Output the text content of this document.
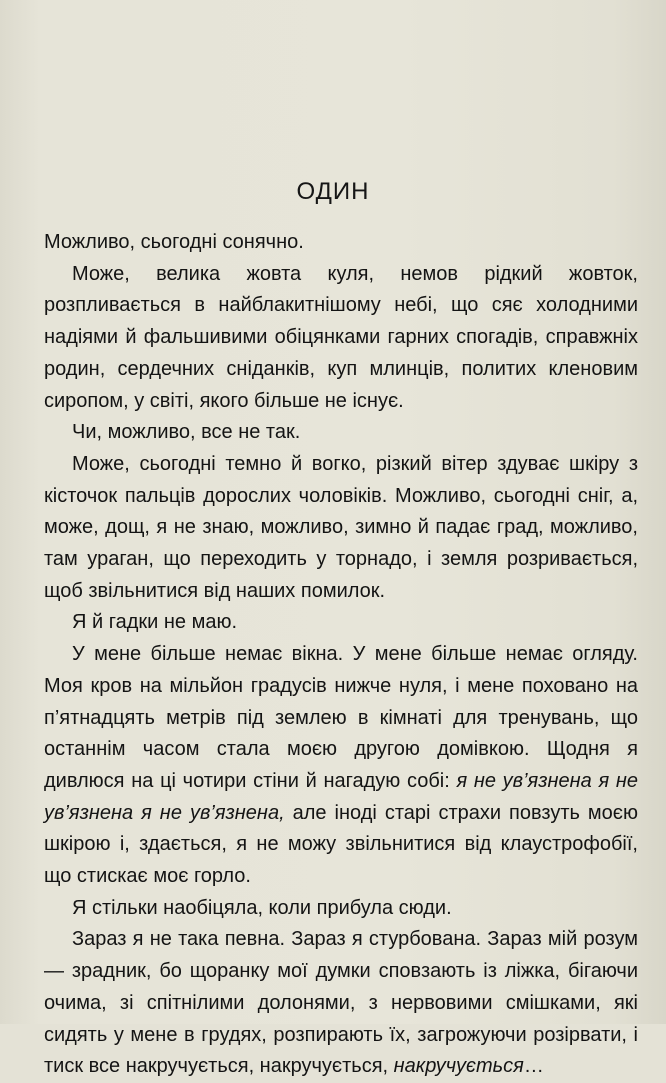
ОДИН

Можливо, сьогодні сонячно.

Може, велика жовта куля, немов рідкий жовток, розпливається в найблакитнішому небі, що сяє холодними надіями й фальшивими обіцянками гарних спогадів, справжніх родин, сердечних сніданків, куп млинців, политих кленовим сиропом, у світі, якого більше не існує.

Чи, можливо, все не так.

Може, сьогодні темно й вогко, різкий вітер здуває шкіру з кісточок пальців дорослих чоловіків. Можливо, сьогодні сніг, а, може, дощ, я не знаю, можливо, зимно й падає град, можливо, там ураган, що переходить у торнадо, і земля розривається, щоб звільнитися від наших помилок.

Я й гадки не маю.

У мене більше немає вікна. У мене більше немає огляду. Моя кров на мільйон градусів нижче нуля, і мене поховано на п’ятнадцять метрів під землею в кімнаті для тренувань, що останнім часом стала моєю другою домівкою. Щодня я дивлюся на ці чотири стіни й нагадую собі: я не ув’язнена я не ув’язнена я не ув’язнена, але іноді старі страхи повзуть моєю шкірою і, здається, я не можу звільнитися від клаустрофобії, що стискає моє горло.

Я стільки наобіцяла, коли прибула сюди.

Зараз я не така певна. Зараз я стурбована. Зараз мій розум — зрадник, бо щоранку мої думки сповзають із ліжка, бігаючи очима, зі спітнілими долонями, з нервовими смішками, які сидять у мене в грудях, розпирають їх, загрожуючи розірвати, і тиск все накручується, накручується, накручується…
